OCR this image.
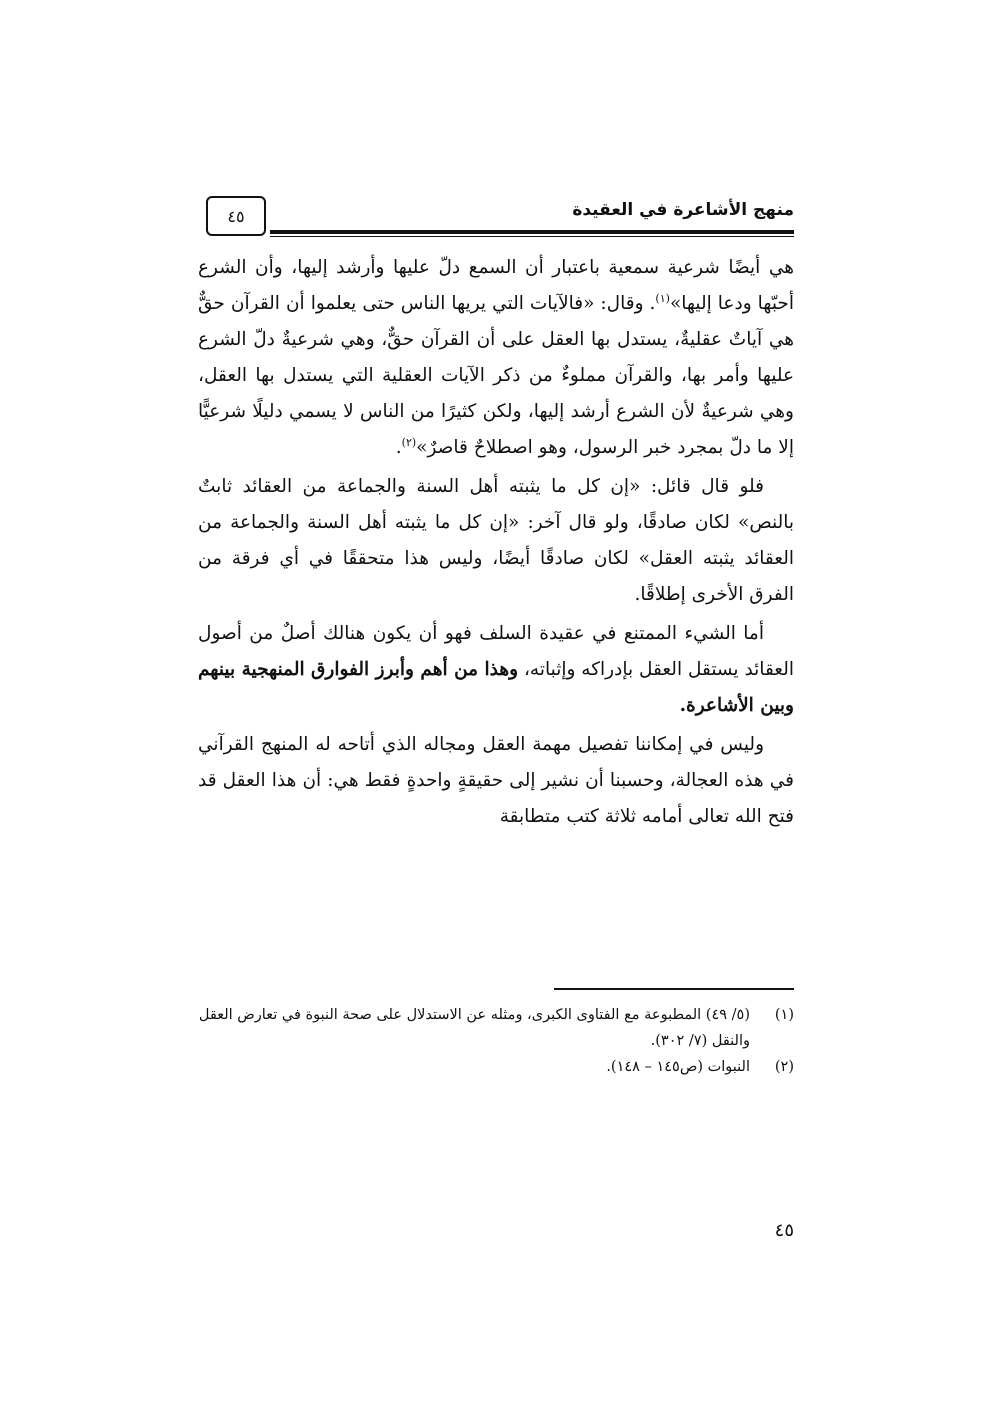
منهج الأشاعرة في العقيدة
٤٥

هي أيضًا شرعية سمعية باعتبار أن السمع دلّ عليها وأرشد إليها، وأن الشرع أحبّها ودعا إليها»$^{(١)}$. وقال: «فالآيات التي يريها الناس حتى يعلموا أن القرآن حقٌّ هي آياتٌ عقليةٌ، يستدل بها العقل على أن القرآن حقٌّ، وهي شرعيةٌ دلّ الشرع عليها وأمر بها، والقرآن مملوءٌ من ذكر الآيات العقلية التي يستدل بها العقل، وهي شرعيةٌ لأن الشرع أرشد إليها، ولكن كثيرًا من الناس لا يسمي دليلًا شرعيًّا إلا ما دلّ بمجرد خبر الرسول، وهو اصطلاحٌ قاصرٌ»$^{(٢)}$.

فلو قال قائل: «إن كل ما يثبته أهل السنة والجماعة من العقائد ثابتٌ بالنص» لكان صادقًا، ولو قال آخر: «إن كل ما يثبته أهل السنة والجماعة من العقائد يثبته العقل» لكان صادقًا أيضًا، وليس هذا متحققًا في أي فرقة من الفرق الأخرى إطلاقًا.

أما الشيء الممتنع في عقيدة السلف فهو أن يكون هنالك أصلٌ من أصول العقائد يستقل العقل بإدراكه وإثباته، وهذا من أهم وأبرز الفوارق المنهجية بينهم وبين الأشاعرة.

وليس في إمكاننا تفصيل مهمة العقل ومجاله الذي أتاحه له المنهج القرآني في هذه العجالة، وحسبنا أن نشير إلى حقيقةٍ واحدةٍ فقط هي: أن هذا العقل قد فتح الله تعالى أمامه ثلاثة كتب متطابقة

(١)
(٥/ ٤٩) المطبوعة مع الفتاوى الكبرى، ومثله عن الاستدلال على صحة النبوة في تعارض العقل والنقل (٧/ ٣٠٢).
(٢)
النبوات (ص١٤٥ – ١٤٨).
٤٥
